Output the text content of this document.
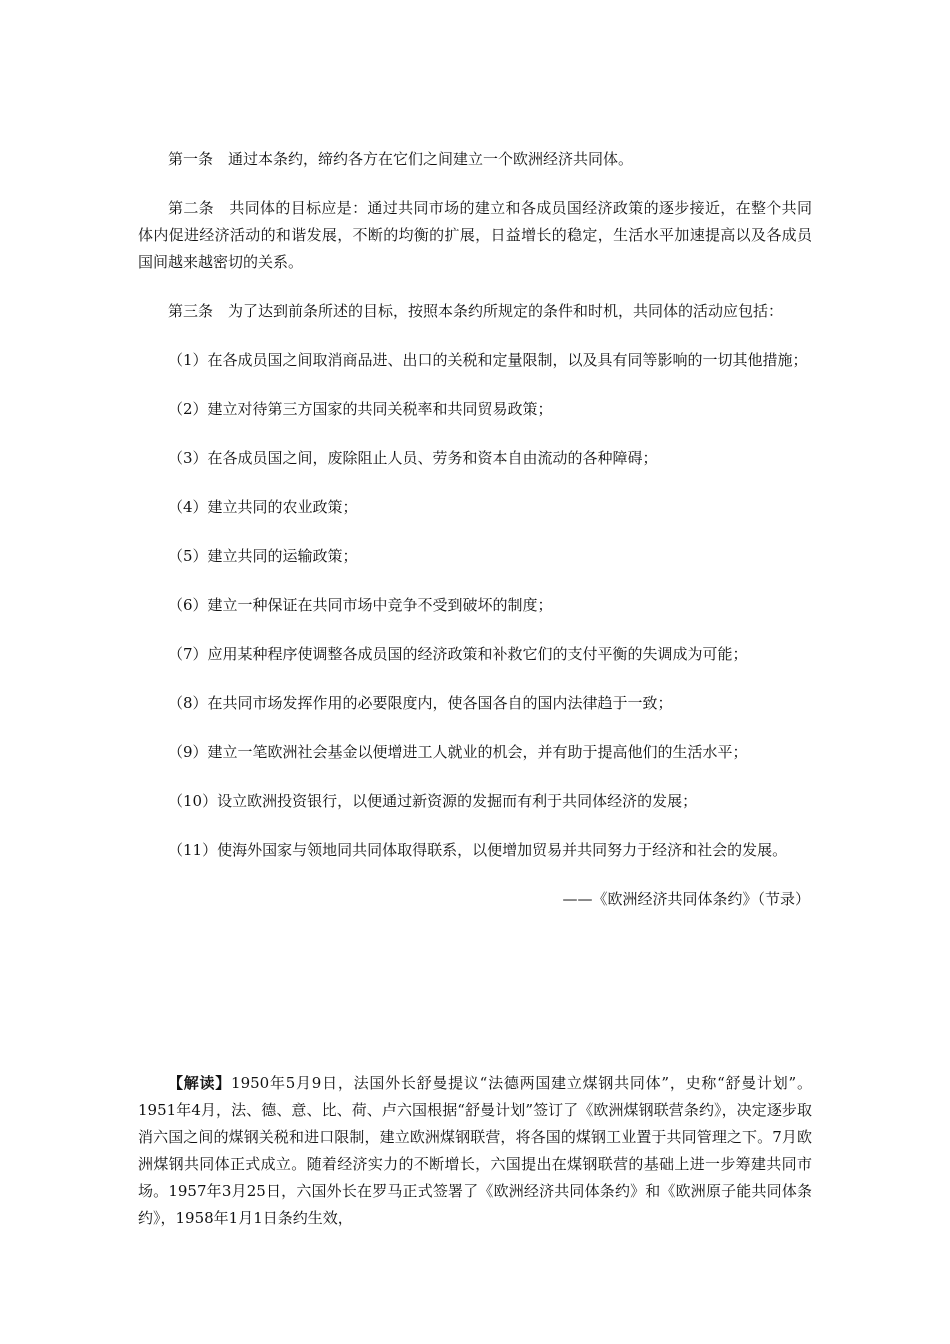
第一条　通过本条约，缔约各方在它们之间建立一个欧洲经济共同体。

第二条　共同体的目标应是：通过共同市场的建立和各成员国经济政策的逐步接近，在整个共同体内促进经济活动的和谐发展，不断的均衡的扩展，日益增长的稳定，生活水平加速提高以及各成员国间越来越密切的关系。

第三条　为了达到前条所述的目标，按照本条约所规定的条件和时机，共同体的活动应包括：

（1）在各成员国之间取消商品进、出口的关税和定量限制，以及具有同等影响的一切其他措施；

（2）建立对待第三方国家的共同关税率和共同贸易政策；

（3）在各成员国之间，废除阻止人员、劳务和资本自由流动的各种障碍；

（4）建立共同的农业政策；

（5）建立共同的运输政策；

（6）建立一种保证在共同市场中竞争不受到破坏的制度；

（7）应用某种程序使调整各成员国的经济政策和补救它们的支付平衡的失调成为可能；

（8）在共同市场发挥作用的必要限度内，使各国各自的国内法律趋于一致；

（9）建立一笔欧洲社会基金以便增进工人就业的机会，并有助于提高他们的生活水平；

（10）设立欧洲投资银行，以便通过新资源的发掘而有利于共同体经济的发展；

（11）使海外国家与领地同共同体取得联系，以便增加贸易并共同努力于经济和社会的发展。

——《欧洲经济共同体条约》（节录）

【解读】1950年5月9日，法国外长舒曼提议“法德两国建立煤钢共同体”，史称“舒曼计划”。1951年4月，法、德、意、比、荷、卢六国根据“舒曼计划”签订了《欧洲煤钢联营条约》，决定逐步取消六国之间的煤钢关税和进口限制，建立欧洲煤钢联营，将各国的煤钢工业置于共同管理之下。7月欧洲煤钢共同体正式成立。随着经济实力的不断增长，六国提出在煤钢联营的基础上进一步筹建共同市场。1957年3月25日，六国外长在罗马正式签署了《欧洲经济共同体条约》和《欧洲原子能共同体条约》，1958年1月1日条约生效，
